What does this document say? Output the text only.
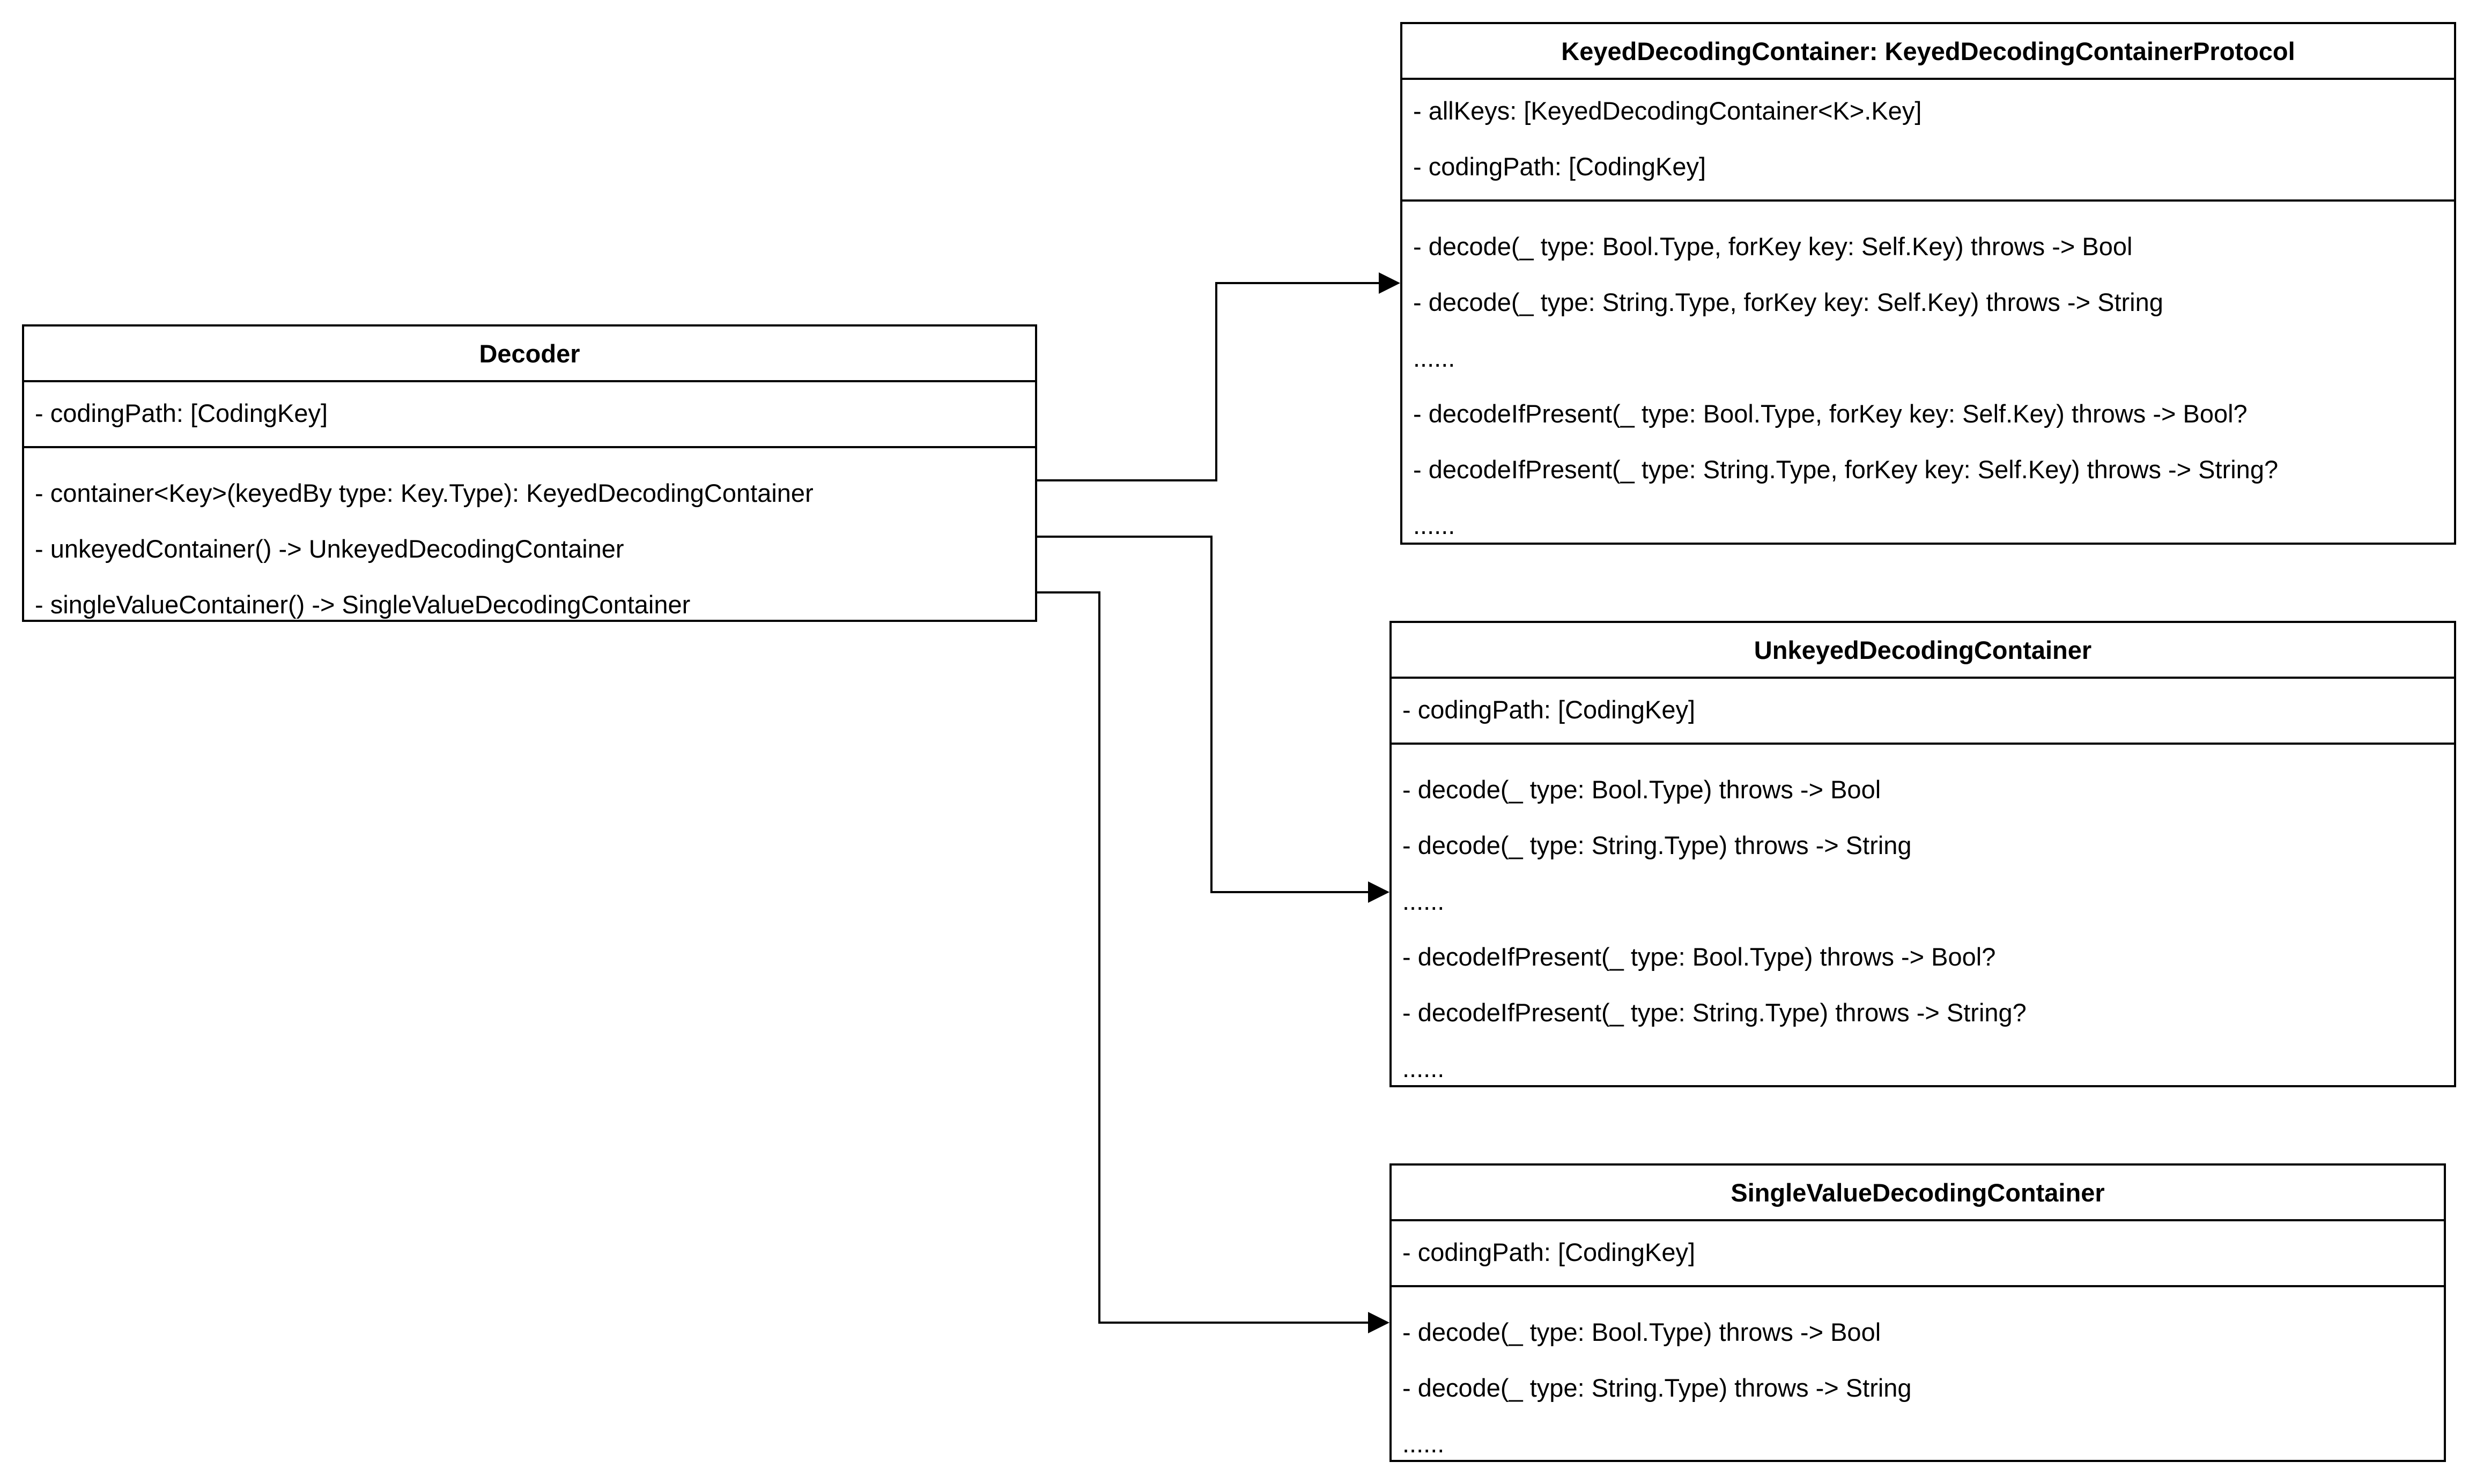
Decoder
- codingPath: [CodingKey]
- container<Key>(keyedBy type: Key.Type): KeyedDecodingContainer
- unkeyedContainer() -> UnkeyedDecodingContainer
- singleValueContainer() -> SingleValueDecodingContainer
KeyedDecodingContainer: KeyedDecodingContainerProtocol
- allKeys: [KeyedDecodingContainer<K>.Key]
- codingPath: [CodingKey]
- decode(_ type: Bool.Type, forKey key: Self.Key) throws -> Bool
- decode(_ type: String.Type, forKey key: Self.Key) throws -> String
......
- decodeIfPresent(_ type: Bool.Type, forKey key: Self.Key) throws -> Bool?
- decodeIfPresent(_ type: String.Type, forKey key: Self.Key) throws -> String?
......
UnkeyedDecodingContainer
- codingPath: [CodingKey]
- decode(_ type: Bool.Type) throws -> Bool
- decode(_ type: String.Type) throws -> String
......
- decodeIfPresent(_ type: Bool.Type) throws -> Bool?
- decodeIfPresent(_ type: String.Type) throws -> String?
......
SingleValueDecodingContainer
- codingPath: [CodingKey]
- decode(_ type: Bool.Type) throws -> Bool
- decode(_ type: String.Type) throws -> String
......
